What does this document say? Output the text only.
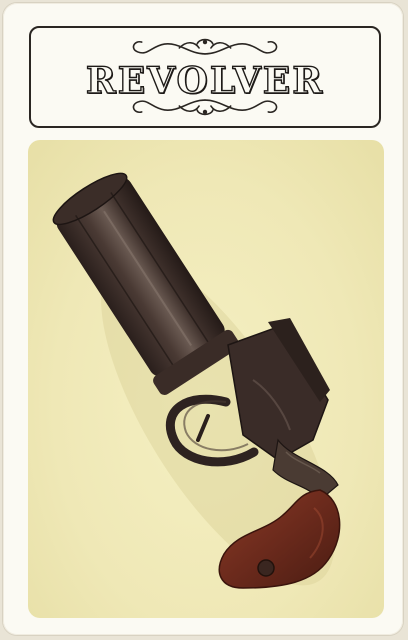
REVOLVER
